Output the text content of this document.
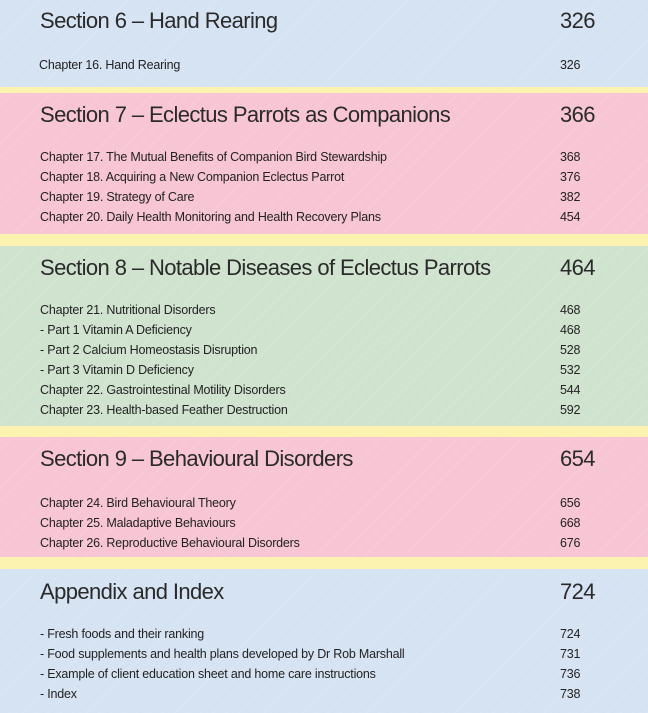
Section 6 – Hand Rearing	326
Chapter 16. Hand Rearing	326
Section 7 – Eclectus Parrots as Companions	366
Chapter 17. The Mutual Benefits of Companion Bird Stewardship	368
Chapter 18. Acquiring a New Companion Eclectus Parrot	376
Chapter 19. Strategy of Care	382
Chapter 20. Daily Health Monitoring and Health Recovery Plans	454
Section 8 – Notable Diseases of Eclectus Parrots	464
Chapter 21. Nutritional Disorders	468
- Part 1 Vitamin A Deficiency	468
- Part 2 Calcium Homeostasis Disruption	528
- Part 3 Vitamin D Deficiency	532
Chapter 22. Gastrointestinal Motility Disorders	544
Chapter 23. Health-based Feather Destruction	592
Section 9 – Behavioural Disorders	654
Chapter 24. Bird Behavioural Theory	656
Chapter 25. Maladaptive Behaviours	668
Chapter 26. Reproductive Behavioural Disorders	676
Appendix and Index	724
- Fresh foods and their ranking	724
- Food supplements and health plans developed by Dr Rob Marshall	731
- Example of client education sheet and home care instructions	736
- Index	738
